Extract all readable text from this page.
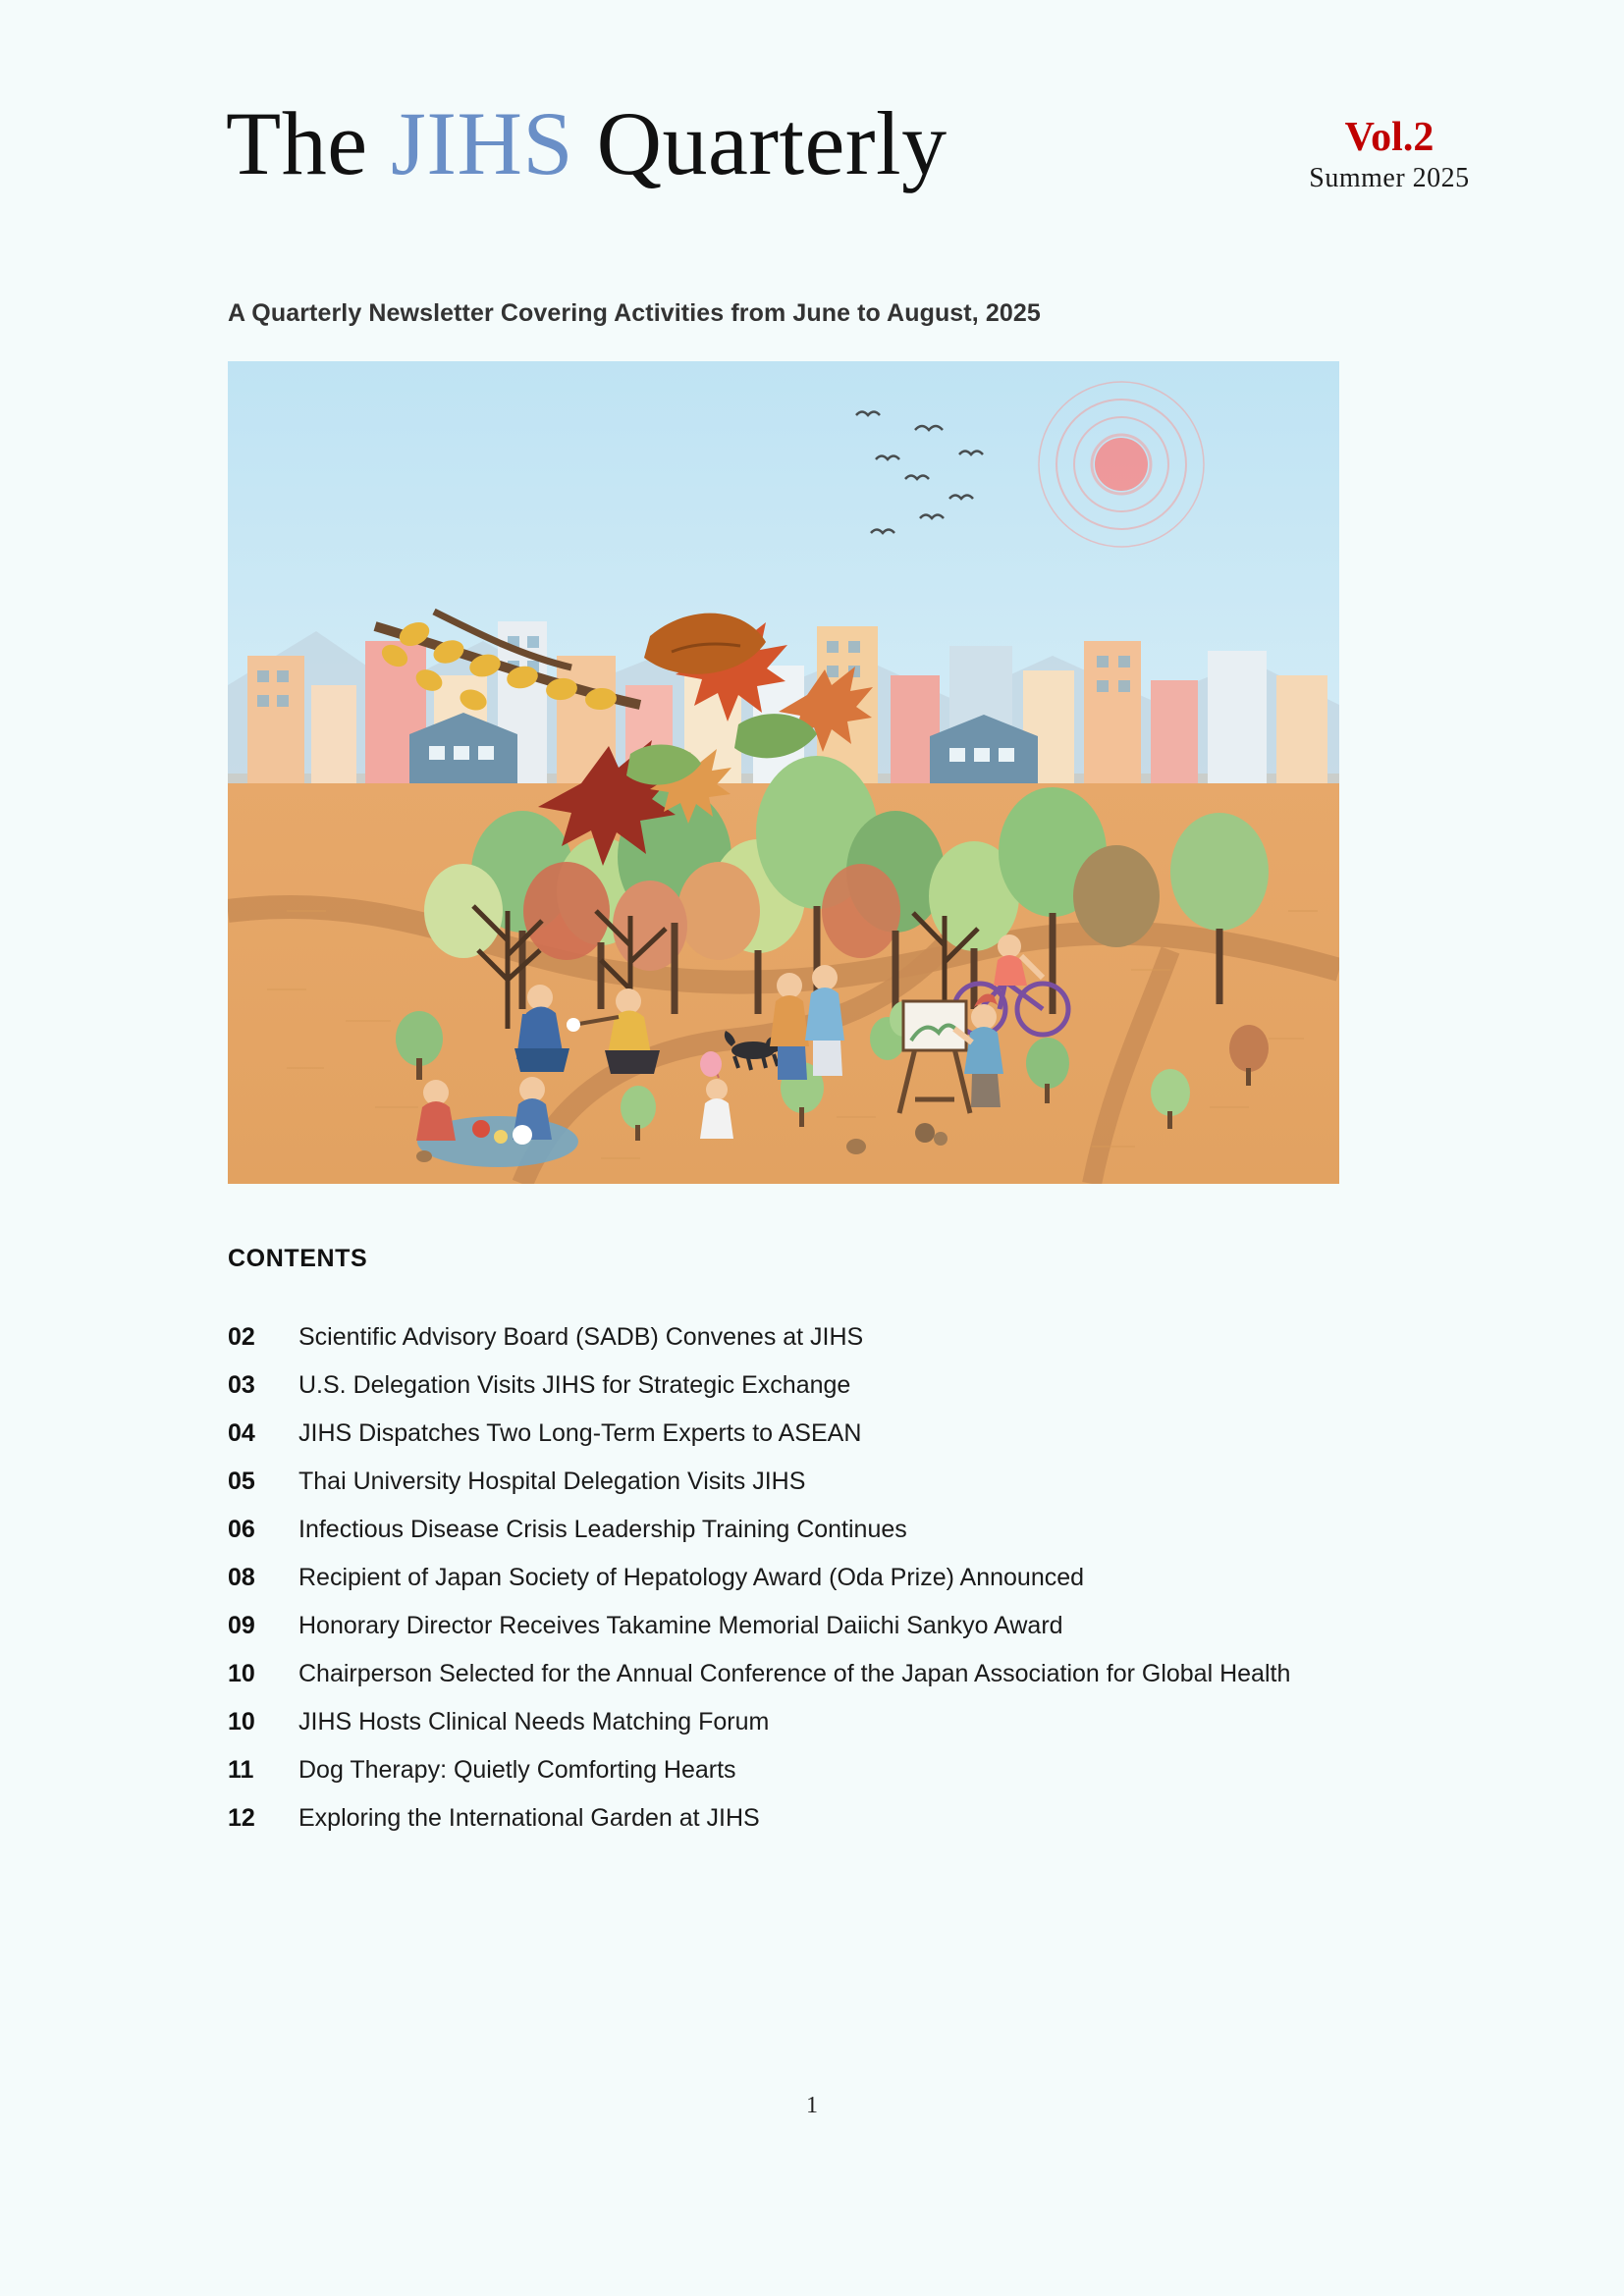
The JIHS Quarterly	Vol.2
Summer 2025
A Quarterly Newsletter Covering Activities from June to August, 2025
CONTENTS
02 Scientific Advisory Board (SADB) Convenes at JIHS
03 U.S. Delegation Visits JIHS for Strategic Exchange
04 JIHS Dispatches Two Long-Term Experts to ASEAN
05 Thai University Hospital Delegation Visits JIHS
06 Infectious Disease Crisis Leadership Training Continues
08 Recipient of Japan Society of Hepatology Award (Oda Prize) Announced
09 Honorary Director Receives Takamine Memorial Daiichi Sankyo Award
10 Chairperson Selected for the Annual Conference of the Japan Association for Global Health
10 JIHS Hosts Clinical Needs Matching Forum
11 Dog Therapy: Quietly Comforting Hearts
12 Exploring the International Garden at JIHS
1
